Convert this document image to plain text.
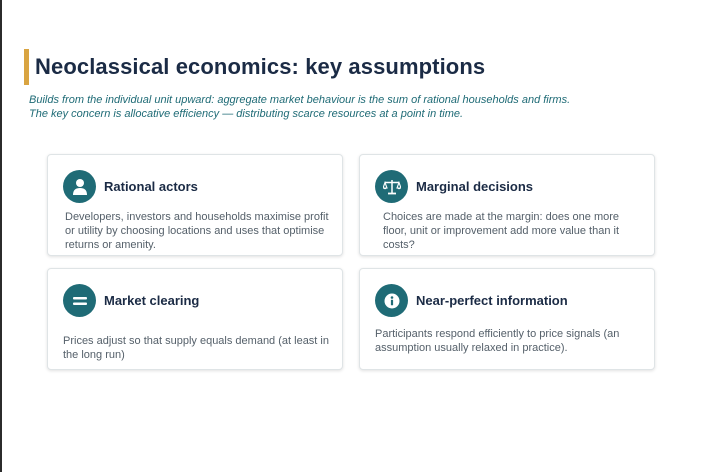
Neoclassical economics: key assumptions
Builds from the individual unit upward: aggregate market behaviour is the sum of rational households and firms.
The key concern is allocative efficiency — distributing scarce resources at a point in time.
Rational actors
Developers, investors and households maximise profit or utility by choosing locations and uses that optimise returns or amenity.
Marginal decisions
Choices are made at the margin: does one more floor, unit or improvement add more value than it costs?
Market clearing
Prices adjust so that supply equals demand (at least in the long run)
Near-perfect information
Participants respond efficiently to price signals (an assumption usually relaxed in practice).
